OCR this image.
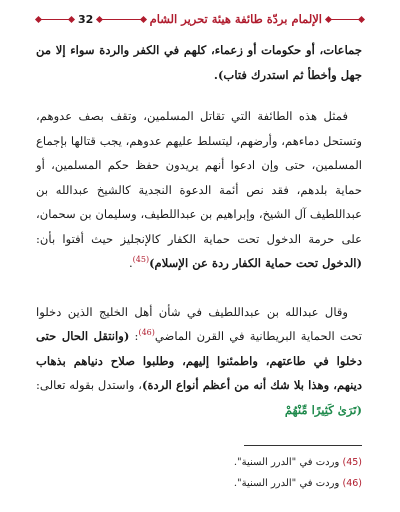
الإلمام بردّة طائفة هيئة تحرير الشام
32

جماعات، أو حكومات أو زعماء، كلهم في الكفر والردة سواء إلا من جهل وأخطأ ثم استدرك فتاب).

فمثل هذه الطائفة التي تقاتل المسلمين، وتقف بصف عدوهم، وتستحل دماءهم، وأرضهم، ليتسلط عليهم عدوهم، يجب قتالها بإجماع المسلمين، حتى وإن ادعوا أنهم يريدون حفظ حكم المسلمين، أو حماية بلدهم، فقد نص أئمة الدعوة النجدية كالشيخ عبدالله بن عبداللطيف آل الشيخ، وإبراهيم بن عبداللطيف، وسليمان بن سحمان، على حرمة الدخول تحت حماية الكفار كالإنجليز حيث أفتوا بأن: (الدخول تحت حماية الكفار ردة عن الإسلام)$^{(45)}$.

وقال عبدالله بن عبداللطيف في شأن أهل الخليج الذين دخلوا تحت الحماية البريطانية في القرن الماضي$^{(46)}$: (وانتقل الحال حتى دخلوا في طاعتهم، واطمئنوا إليهم، وطلبوا صلاح دنياهم بذهاب دينهم، وهذا بلا شك أنه من أعظم أنواع الردة)، واستدل بقوله تعالى: (تَرَىٰ كَثِيرًا مِّنْهُمْ

(45) وردت في "الدرر السنية".
(46) وردت في "الدرر السنية".
